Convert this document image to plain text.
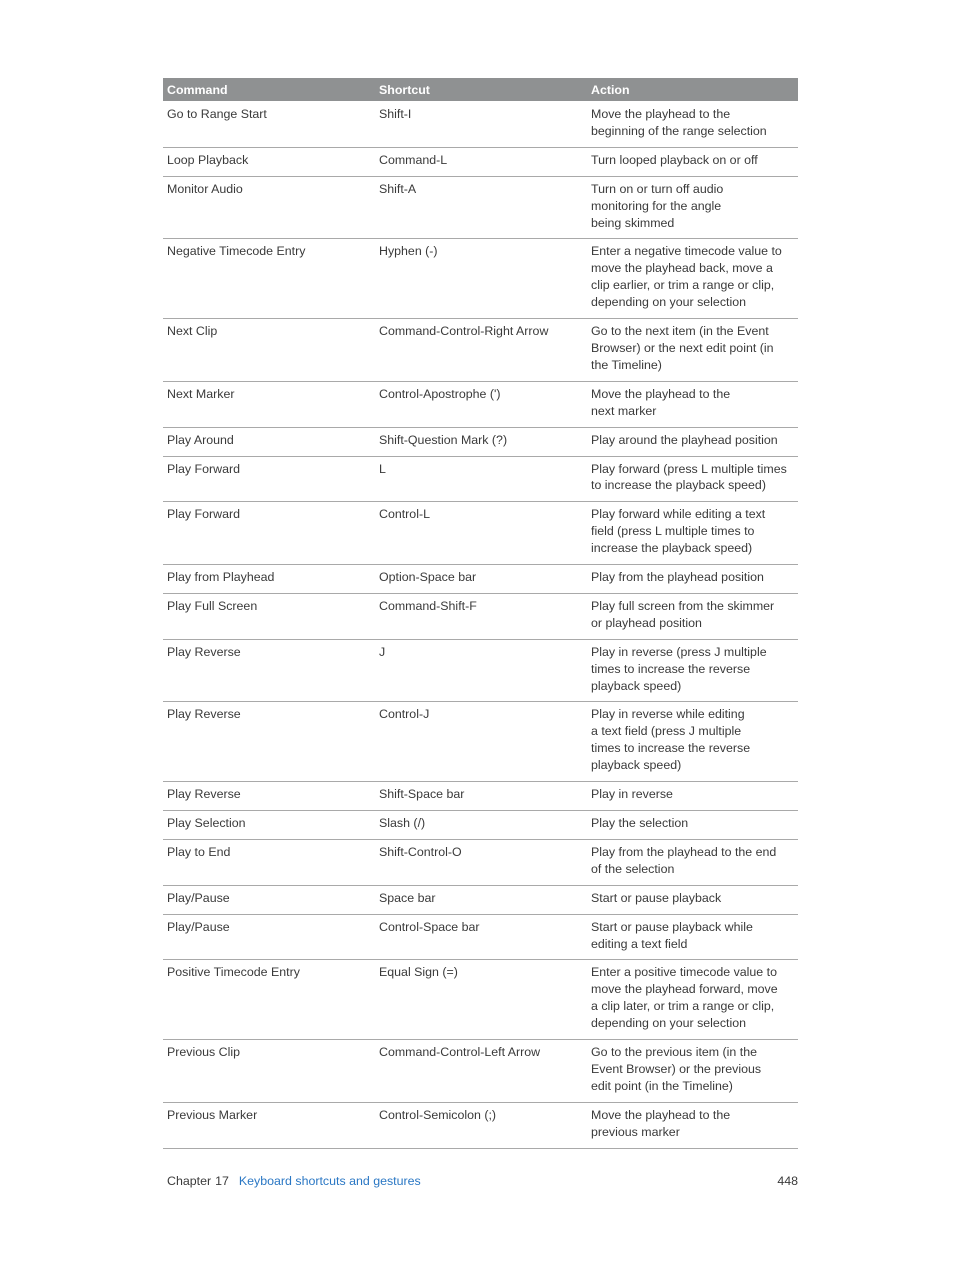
Command	Shortcut	Action
Go to Range Start	Shift-I	Move the playhead to the
beginning of the range selection
Loop Playback	Command-L	Turn looped playback on or off
Monitor Audio	Shift-A	Turn on or turn off audio
monitoring for the angle
being skimmed
Negative Timecode Entry	Hyphen (-)	Enter a negative timecode value to
move the playhead back, move a
clip earlier, or trim a range or clip,
depending on your selection
Next Clip	Command-Control-Right Arrow	Go to the next item (in the Event
Browser) or the next edit point (in
the Timeline)
Next Marker	Control-Apostrophe (')	Move the playhead to the
next marker
Play Around	Shift-Question Mark (?)	Play around the playhead position
Play Forward	L	Play forward (press L multiple times
to increase the playback speed)
Play Forward	Control-L	Play forward while editing a text
field (press L multiple times to
increase the playback speed)
Play from Playhead	Option-Space bar	Play from the playhead position
Play Full Screen	Command-Shift-F	Play full screen from the skimmer
or playhead position
Play Reverse	J	Play in reverse (press J multiple
times to increase the reverse
playback speed)
Play Reverse	Control-J	Play in reverse while editing
a text field (press J multiple
times to increase the reverse
playback speed)
Play Reverse	Shift-Space bar	Play in reverse
Play Selection	Slash (/)	Play the selection
Play to End	Shift-Control-O	Play from the playhead to the end
of the selection
Play/Pause	Space bar	Start or pause playback
Play/Pause	Control-Space bar	Start or pause playback while
editing a text field
Positive Timecode Entry	Equal Sign (=)	Enter a positive timecode value to
move the playhead forward, move
a clip later, or trim a range or clip,
depending on your selection
Previous Clip	Command-Control-Left Arrow	Go to the previous item (in the
Event Browser) or the previous
edit point (in the Timeline)
Previous Marker	Control-Semicolon (;)	Move the playhead to the
previous marker
Chapter 17 Keyboard shortcuts and gestures	448
